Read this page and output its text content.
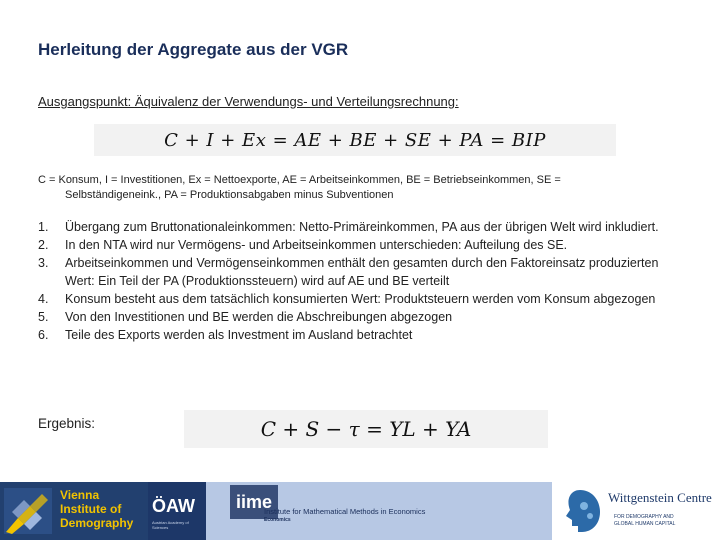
Herleitung der Aggregate aus der VGR
Ausgangspunkt: Äquivalenz der Verwendungs- und Verteilungsrechnung:
C + I + Ex = AE + BE + SE + PA = BIP
C = Konsum, I = Investitionen, Ex = Nettoexporte, AE = Arbeitseinkommen, BE = Betriebseinkommen, SE =
Selbständigeneink., PA = Produktionsabgaben minus Subventionen
1.	Übergang zum Bruttonationaleinkommen: Netto-Primäreinkommen, PA aus der übrigen Welt wird inkludiert.
2.	In den NTA wird nur Vermögens- und Arbeitseinkommen unterschieden: Aufteilung des SE.
3.	Arbeitseinkommen und Vermögenseinkommen enthält den gesamten durch den Faktoreinsatz produzierten Wert: Ein Teil der PA (Produktionssteuern) wird auf AE und BE verteilt
4.	Konsum besteht aus dem tatsächlich konsumierten Wert: Produktsteuern werden vom Konsum abgezogen
5.	Von den Investitionen und BE werden die Abschreibungen abgezogen
6.	Teile des Exports werden als Investment im Ausland betrachtet
Ergebnis:	C + S − τ = YL + YA
Vienna
Institute of
Demography
ÖAW
Austrian Academy of Sciences
iime
Institute for Mathematical Methods in Economics
Economics
Wittgenstein Centre
FOR DEMOGRAPHY AND
GLOBAL HUMAN CAPITAL
